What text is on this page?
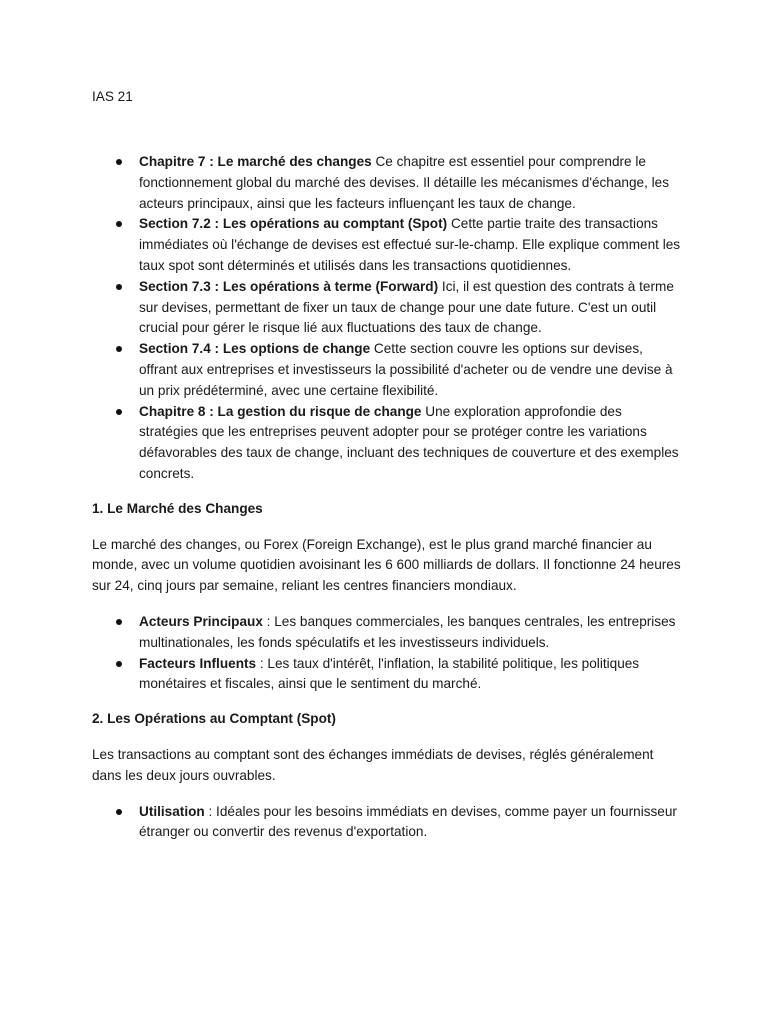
IAS 21

Chapitre 7 : Le marché des changes Ce chapitre est essentiel pour comprendre le fonctionnement global du marché des devises. Il détaille les mécanismes d'échange, les acteurs principaux, ainsi que les facteurs influençant les taux de change.
Section 7.2 : Les opérations au comptant (Spot) Cette partie traite des transactions immédiates où l'échange de devises est effectué sur-le-champ. Elle explique comment les taux spot sont déterminés et utilisés dans les transactions quotidiennes.
Section 7.3 : Les opérations à terme (Forward) Ici, il est question des contrats à terme sur devises, permettant de fixer un taux de change pour une date future. C'est un outil crucial pour gérer le risque lié aux fluctuations des taux de change.
Section 7.4 : Les options de change Cette section couvre les options sur devises, offrant aux entreprises et investisseurs la possibilité d'acheter ou de vendre une devise à un prix prédéterminé, avec une certaine flexibilité.
Chapitre 8 : La gestion du risque de change Une exploration approfondie des stratégies que les entreprises peuvent adopter pour se protéger contre les variations défavorables des taux de change, incluant des techniques de couverture et des exemples concrets.
1. Le Marché des Changes

Le marché des changes, ou Forex (Foreign Exchange), est le plus grand marché financier au monde, avec un volume quotidien avoisinant les 6 600 milliards de dollars. Il fonctionne 24 heures sur 24, cinq jours par semaine, reliant les centres financiers mondiaux.

Acteurs Principaux : Les banques commerciales, les banques centrales, les entreprises multinationales, les fonds spéculatifs et les investisseurs individuels.
Facteurs Influents : Les taux d'intérêt, l'inflation, la stabilité politique, les politiques monétaires et fiscales, ainsi que le sentiment du marché.
2. Les Opérations au Comptant (Spot)

Les transactions au comptant sont des échanges immédiats de devises, réglés généralement dans les deux jours ouvrables.

Utilisation : Idéales pour les besoins immédiats en devises, comme payer un fournisseur étranger ou convertir des revenus d'exportation.
